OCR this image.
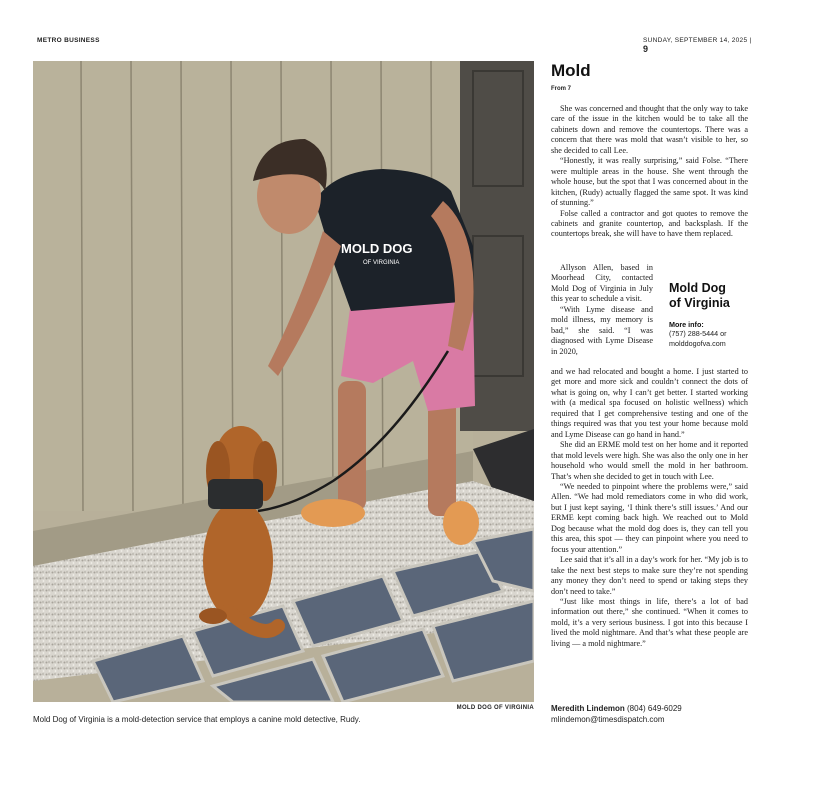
METRO BUSINESS	SUNDAY, SEPTEMBER 14, 2025 | 9
MOLD DOG
OF VIRGINIA
MOLD DOG OF VIRGINIA
Mold Dog of Virginia is a mold-detection service that employs a canine mold detective, Rudy.
Mold
From 7

She was concerned and thought that the only way to take care of the issue in the kitchen would be to take all the cabinets down and remove the countertops. There was a concern that there was mold that wasn’t visible to her, so she decided to call Lee.

“Honestly, it was really surprising,” said Folse. “There were multiple areas in the house. She went through the whole house, but the spot that I was concerned about in the kitchen, (Rudy) actually flagged the same spot. It was kind of stunning.”

Folse called a contractor and got quotes to remove the cabinets and granite countertop, and backsplash. If the countertops break, she will have to have them replaced.

Allyson Allen, based in Moorhead City, contacted Mold Dog of Virginia in July this year to schedule a visit.

“With Lyme disease and mold illness, my memory is bad,” she said. “I was diagnosed with Lyme Disease in 2020,

Mold Dog
of Virginia
More info:
(757) 288-5444 or
molddogofva.com

and we had relocated and bought a home. I just started to get more and more sick and couldn’t connect the dots of what is going on, why I can’t get better. I started working with (a medical spa focused on holistic wellness) which required that I get comprehensive testing and one of the things required was that you test your home because mold and Lyme Disease can go hand in hand.”

She did an ERME mold test on her home and it reported that mold levels were high. She was also the only one in her household who would smell the mold in her bathroom. That’s when she decided to get in touch with Lee.

“We needed to pinpoint where the problems were,” said Allen. “We had mold remediators come in who did work, but I just kept saying, ‘I think there’s still issues.’ And our ERME kept coming back high. We reached out to Mold Dog because what the mold dog does is, they can tell you this area, this spot — they can pinpoint where you need to focus your attention.”

Lee said that it’s all in a day’s work for her. “My job is to take the next best steps to make sure they’re not spending any money they don’t need to spend or taking steps they don’t need to take.”

“Just like most things in life, there’s a lot of bad information out there,” she continued. “When it comes to mold, it’s a very serious business. I got into this because I lived the mold nightmare. And that’s what these people are living — a mold nightmare.”

Meredith Lindemon (804) 649-6029
mlindemon@timesdispatch.com
